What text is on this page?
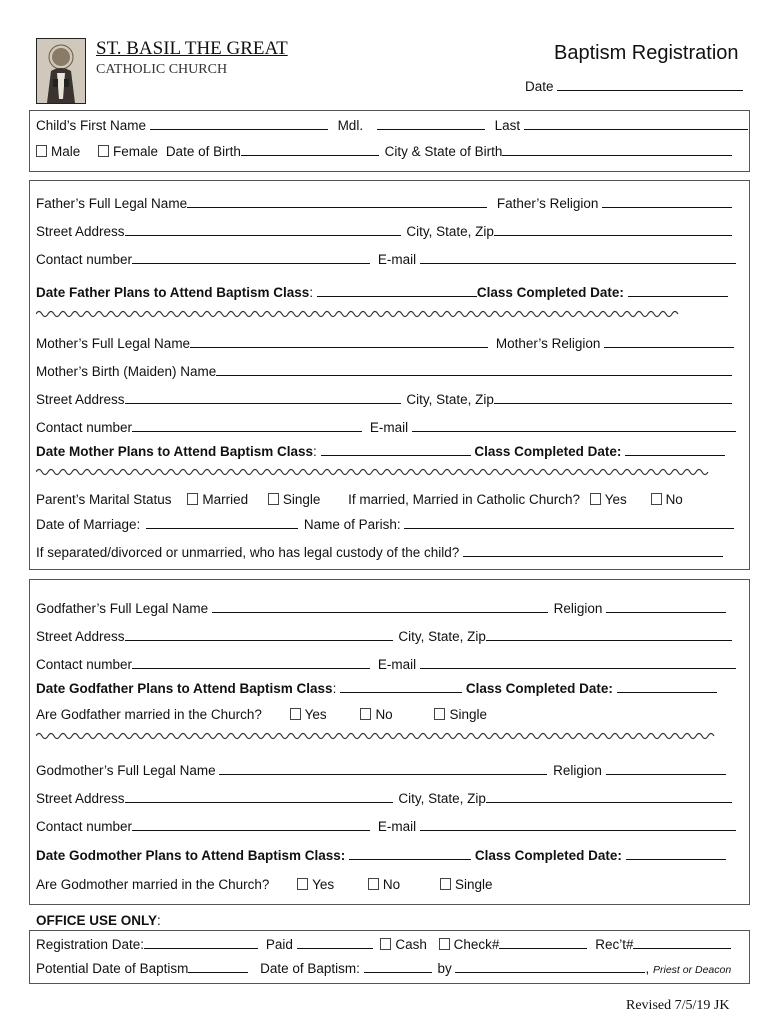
ST. BASIL THE GREAT
CATHOLIC CHURCH
Baptism Registration
Date
Child’s First Name	Mdl.	Last
Male Female Date of Birth	City & State of Birth
Father’s Full Legal Name	Father’s Religion
Street Address	City, State, Zip
Contact number	E-mail
Date Father Plans to Attend Baptism Class:	Class Completed Date:
Mother’s Full Legal Name	Mother’s Religion
Mother’s Birth (Maiden) Name
Street Address	City, State, Zip
Contact number	E-mail
Date Mother Plans to Attend Baptism Class:	Class Completed Date:
Parent’s Marital Status Married	Single If married, Married in Catholic Church? Yes	No
Date of Marriage:	Name of Parish:
If separated/divorced or unmarried, who has legal custody of the child?
Godfather’s Full Legal Name	Religion
Street Address	City, State, Zip
Contact number	E-mail
Date Godfather Plans to Attend Baptism Class:	Class Completed Date:
Are Godfather married in the Church?	Yes	No	Single
Godmother’s Full Legal Name	Religion
Street Address	City, State, Zip
Contact number	E-mail
Date Godmother Plans to Attend Baptism Class:	Class Completed Date:
Are Godmother married in the Church?	Yes	No	Single
OFFICE USE ONLY:
Registration Date:	Paid	Cash Check#	Rec’t#
Potential Date of Baptism	Date of Baptism:	by	, Priest or Deacon
Revised 7/5/19 JK
